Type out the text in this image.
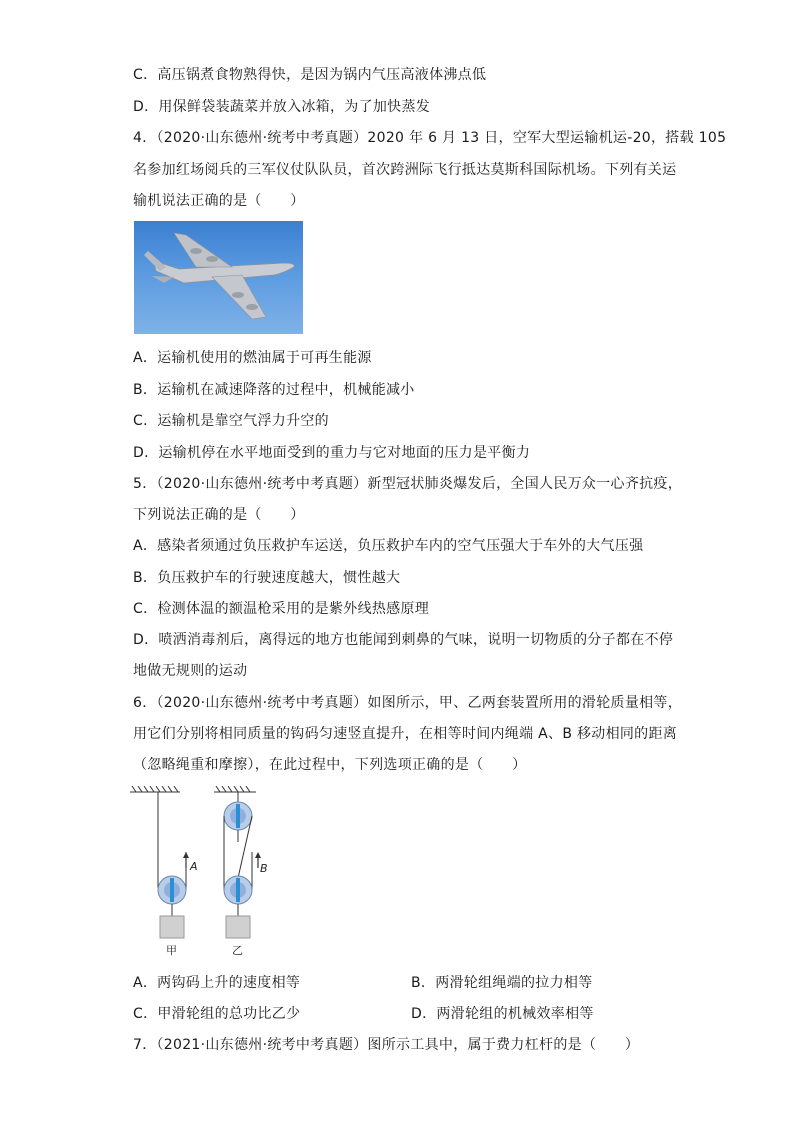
C．高压锅煮食物熟得快，是因为锅内气压高液体沸点低
D．用保鲜袋装蔬菜并放入冰箱，为了加快蒸发
4．（2020·山东德州·统考中考真题）2020 年 6 月 13 日，空军大型运输机运-20，搭载 105
名参加红场阅兵的三军仪仗队队员，首次跨洲际飞行抵达莫斯科国际机场。下列有关运
输机说法正确的是（　　）
A．运输机使用的燃油属于可再生能源
B．运输机在减速降落的过程中，机械能减小
C．运输机是靠空气浮力升空的
D．运输机停在水平地面受到的重力与它对地面的压力是平衡力
5．（2020·山东德州·统考中考真题）新型冠状肺炎爆发后，全国人民万众一心齐抗疫，
下列说法正确的是（　　）
A．感染者须通过负压救护车运送，负压救护车内的空气压强大于车外的大气压强
B．负压救护车的行驶速度越大，惯性越大
C．检测体温的额温枪采用的是紫外线热感原理
D．喷洒消毒剂后，离得远的地方也能闻到刺鼻的气味，说明一切物质的分子都在不停
地做无规则的运动
6．（2020·山东德州·统考中考真题）如图所示，甲、乙两套装置所用的滑轮质量相等，
用它们分别将相同质量的钩码匀速竖直提升，在相等时间内绳端 A、B 移动相同的距离
（忽略绳重和摩擦），在此过程中，下列选项正确的是（　　）
A
甲
B
乙
A．两钩码上升的速度相等	B．两滑轮组绳端的拉力相等
C．甲滑轮组的总功比乙少	D．两滑轮组的机械效率相等
7．（2021·山东德州·统考中考真题）图所示工具中，属于费力杠杆的是（　　）
